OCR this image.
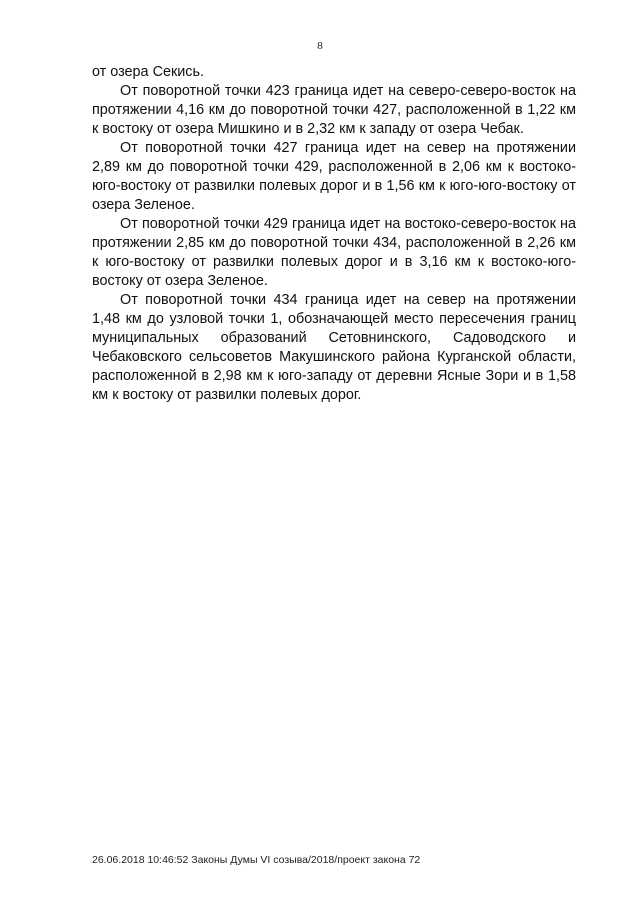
8

от озера Секись.

От поворотной точки 423 граница идет на северо-северо-восток на протяжении 4,16 км до поворотной точки 427, расположенной в 1,22 км к востоку от озера Мишкино и в 2,32 км к западу от озера Чебак.

От поворотной точки 427 граница идет на север на протяжении 2,89 км до поворотной точки 429, расположенной в 2,06 км к востоко-юго-востоку от развилки полевых дорог и в 1,56 км к юго-юго-востоку от озера Зеленое.

От поворотной точки 429 граница идет на востоко-северо-восток на протяжении 2,85 км до поворотной точки 434, расположенной в 2,26 км к юго-востоку от развилки полевых дорог и в 3,16 км к востоко-юго-востоку от озера Зеленое.

От поворотной точки 434 граница идет на север на протяжении 1,48 км до узловой точки 1, обозначающей место пересечения границ муниципальных образований Сетовнинского, Садоводского и Чебаковского сельсоветов Макушинского района Курганской области, расположенной в 2,98 км к юго-западу от деревни Ясные Зори и в 1,58 км к востоку от развилки полевых дорог.

26.06.2018 10:46:52 Законы Думы VI созыва/2018/проект закона 72
